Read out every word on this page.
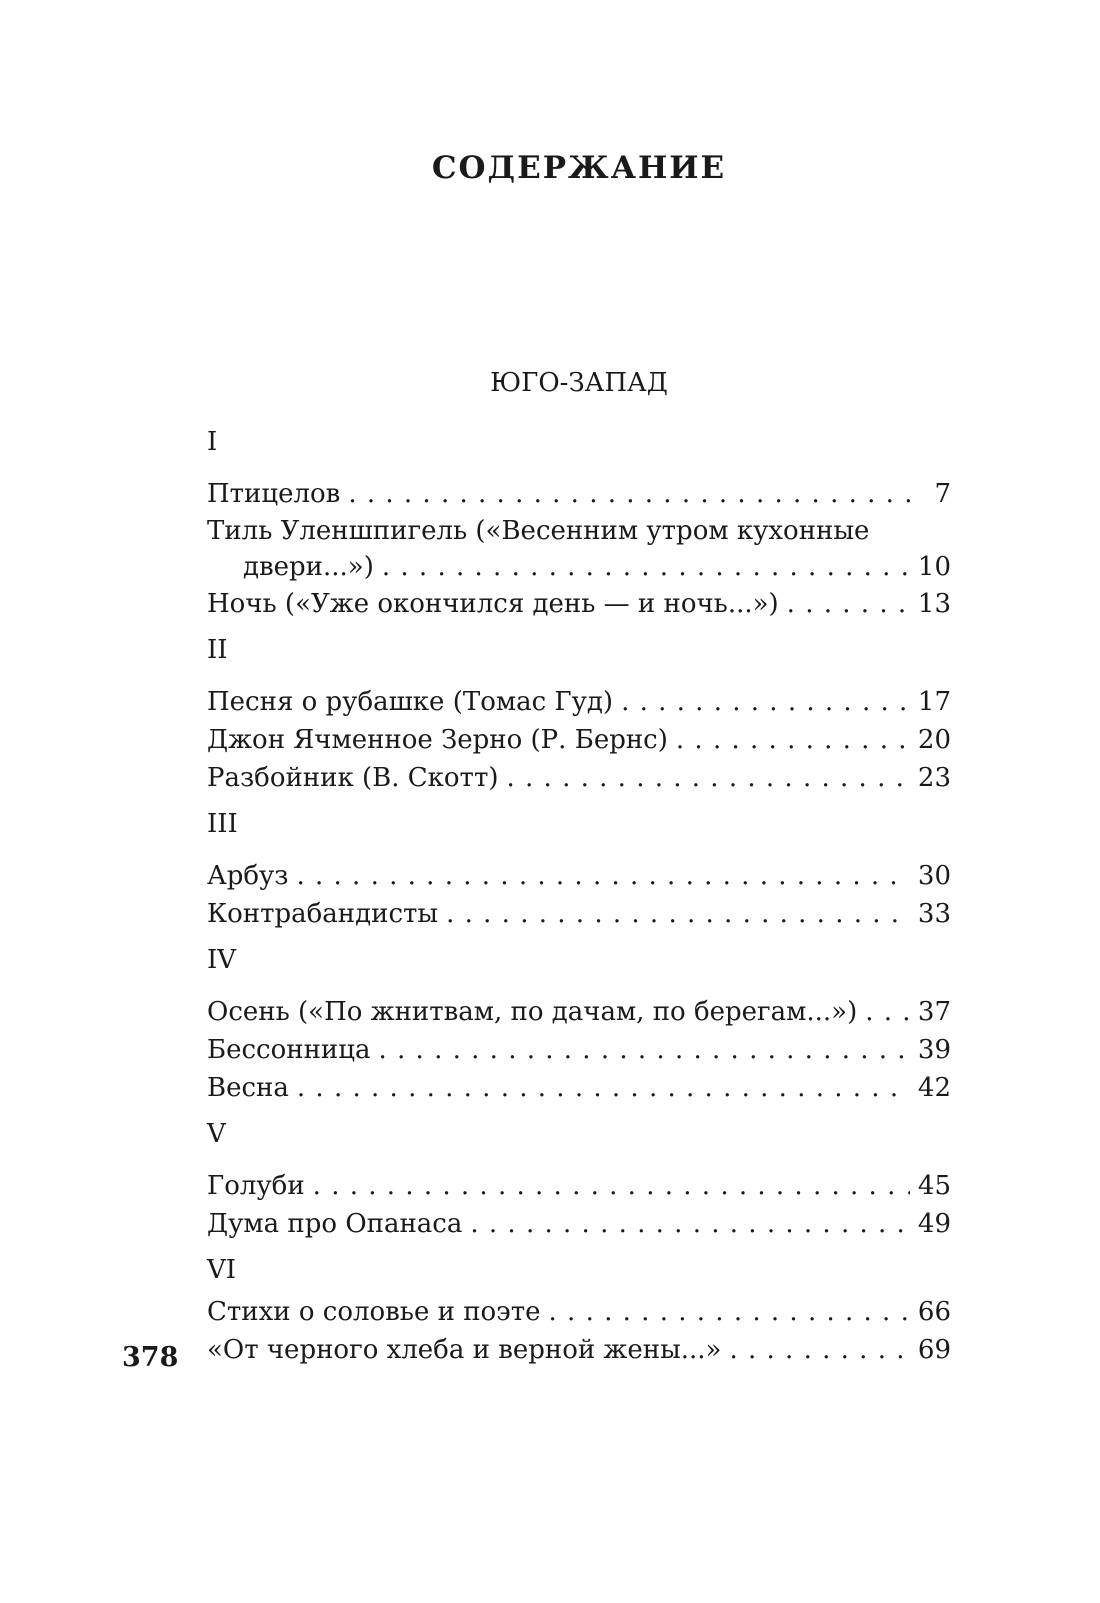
СОДЕРЖАНИЕ
ЮГО-ЗАПАД
I
Птицелов . . .	7
Тиль Уленшпигель («Весенним утром кухонные
двери...») . . .	10
Ночь («Уже окончился день — и ночь...») . . .	13
II
Песня о рубашке (Томас Гуд) . . .	17
Джон Ячменное Зерно (Р. Бернс) . . .	20
Разбойник (В. Скотт) . . .	23
III
Арбуз . . .	30
Контрабандисты . . .	33
IV
Осень («По жнитвам, по дачам, по берегам...») . . . 37
Бессонница . . .	39
Весна . . .	42
V
Голуби . . .	45
Дума про Опанаса . . .	49
VI
Стихи о соловье и поэте . . .	66
«От черного хлеба и верной жены...» . . .	69
378
